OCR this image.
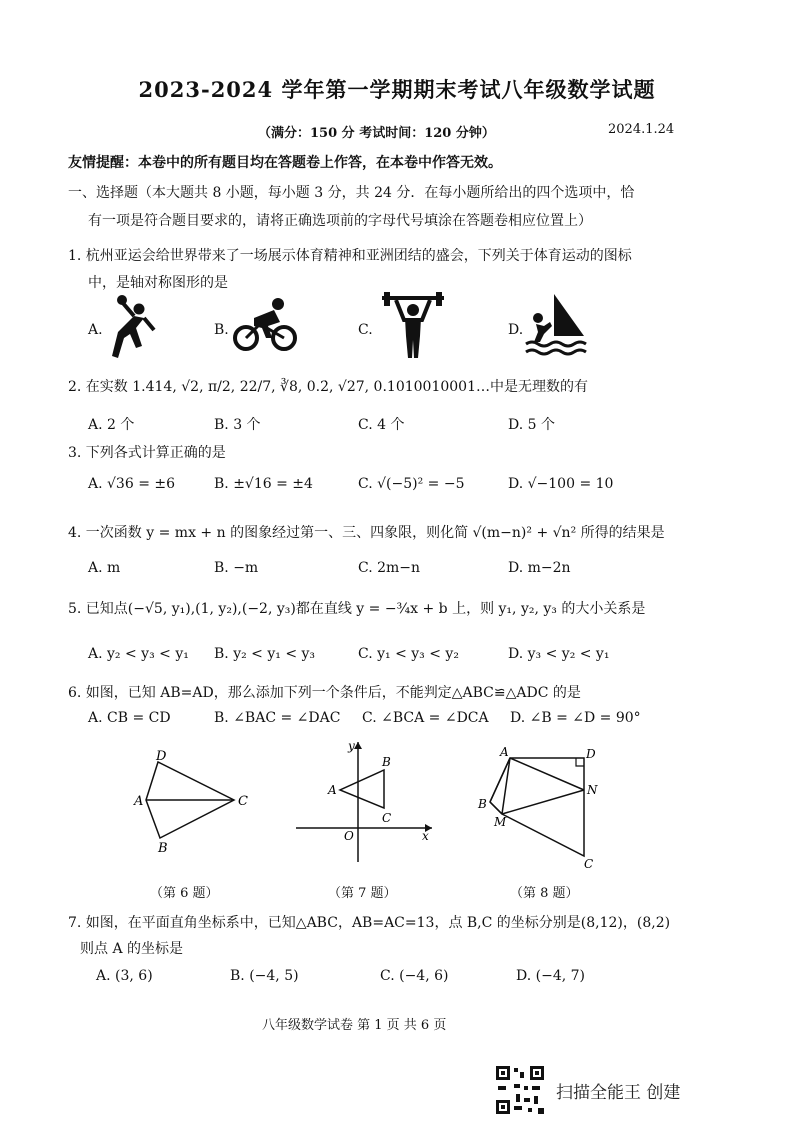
2023-2024 学年第一学期期末考试八年级数学试题
（满分：150 分 考试时间：120 分钟）	2024.1.24
友情提醒：本卷中的所有题目均在答题卷上作答，在本卷中作答无效。
一、选择题（本大题共 8 小题，每小题 3 分，共 24 分．在每小题所给出的四个选项中，恰
有一项是符合题目要求的，请将正确选项前的字母代号填涂在答题卷相应位置上）
1. 杭州亚运会给世界带来了一场展示体育精神和亚洲团结的盛会，下列关于体育运动的图标
中，是轴对称图形的是
A.	B.	C.	D.
2. 在实数 1.414, √2, π/2, 22/7, ∛8, 0.2̇, √27, 0.1010010001…中是无理数的有
A. 2 个	B. 3 个	C. 4 个	D. 5 个
3. 下列各式计算正确的是
A. √36 = ±6	B. ±√16 = ±4	C. √(−5)² = −5	D. √−100 = 10
4. 一次函数 y = mx + n 的图象经过第一、三、四象限，则化简 √(m−n)² + √n² 所得的结果是
A. m	B. −m	C. 2m−n	D. m−2n
5. 已知点(−√5, y₁),(1, y₂),(−2, y₃)都在直线 y = −¾x + b 上，则 y₁, y₂, y₃ 的大小关系是
A. y₂ < y₃ < y₁ B. y₂ < y₁ < y₃	C. y₁ < y₃ < y₂	D. y₃ < y₂ < y₁
6. 如图，已知 AB=AD，那么添加下列一个条件后，不能判定△ABC≌△ADC 的是
A. CB = CD	B. ∠BAC = ∠DAC C. ∠BCA = ∠DCA D. ∠B = ∠D = 90°
D
A	C
B
（第 6 题）
y
x
O
A
B
C
（第 7 题）
A	D
N
B
M
C
（第 8 题）
7. 如图，在平面直角坐标系中，已知△ABC，AB=AC=13，点 B,C 的坐标分别是(8,12)，(8,2)
则点 A 的坐标是
A. (3, 6)	B. (−4, 5)	C. (−4, 6)	D. (−4, 7)
八年级数学试卷 第 1 页 共 6 页
扫描全能王 创建
